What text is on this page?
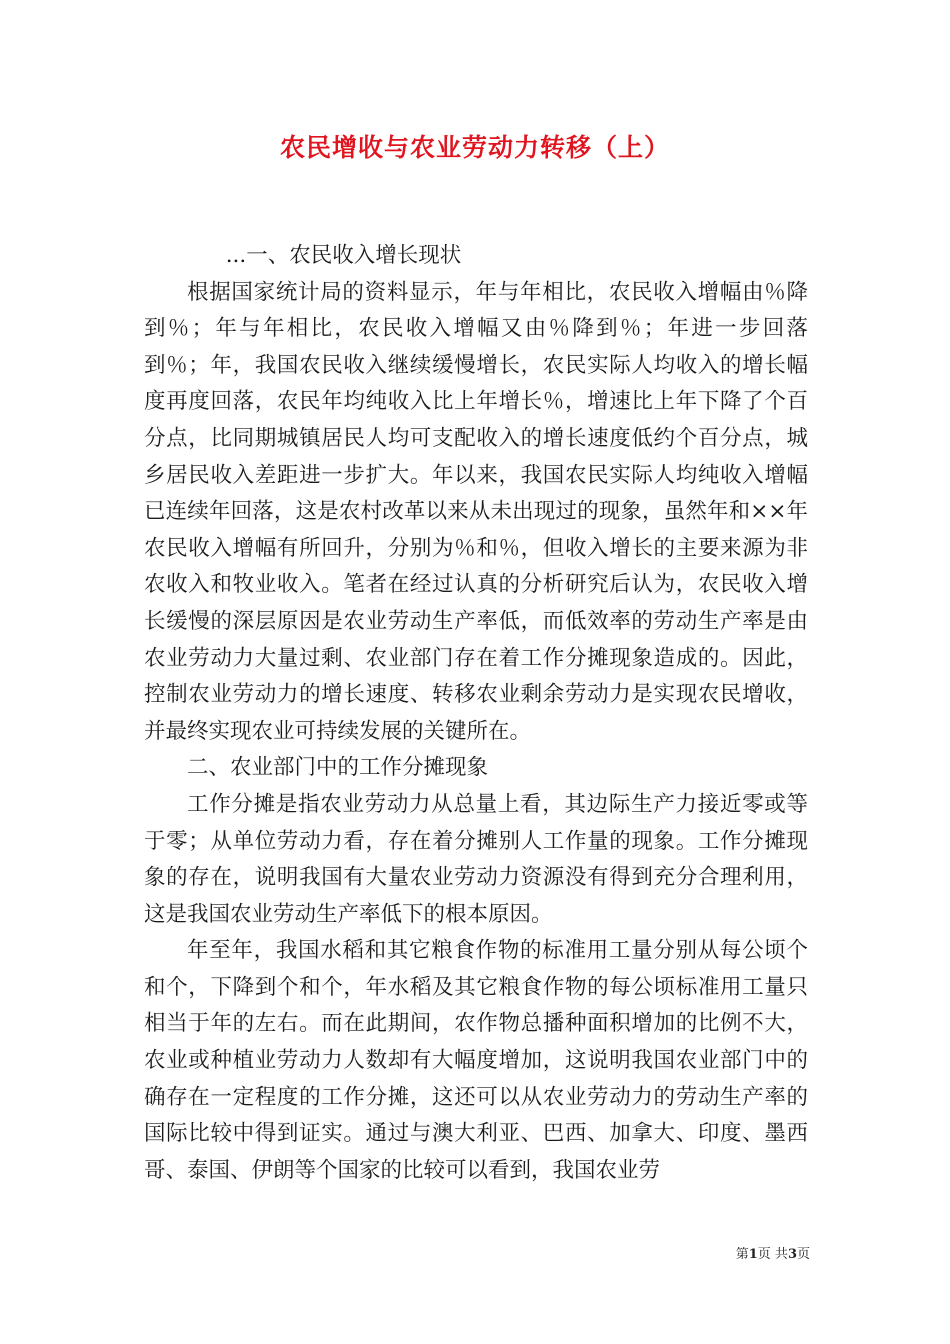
农民增收与农业劳动力转移（上）

...一、农民收入增长现状

根据国家统计局的资料显示，年与年相比，农民收入增幅由％降到％；年与年相比，农民收入增幅又由％降到％；年进一步回落到％；年，我国农民收入继续缓慢增长，农民实际人均收入的增长幅度再度回落，农民年均纯收入比上年增长％，增速比上年下降了个百分点，比同期城镇居民人均可支配收入的增长速度低约个百分点，城乡居民收入差距进一步扩大。年以来，我国农民实际人均纯收入增幅已连续年回落，这是农村改革以来从未出现过的现象，虽然年和××年农民收入增幅有所回升，分别为％和％，但收入增长的主要来源为非农收入和牧业收入。笔者在经过认真的分析研究后认为，农民收入增长缓慢的深层原因是农业劳动生产率低，而低效率的劳动生产率是由农业劳动力大量过剩、农业部门存在着工作分摊现象造成的。因此，控制农业劳动力的增长速度、转移农业剩余劳动力是实现农民增收，并最终实现农业可持续发展的关键所在。

二、农业部门中的工作分摊现象

工作分摊是指农业劳动力从总量上看，其边际生产力接近零或等于零；从单位劳动力看，存在着分摊别人工作量的现象。工作分摊现象的存在，说明我国有大量农业劳动力资源没有得到充分合理利用，这是我国农业劳动生产率低下的根本原因。

年至年，我国水稻和其它粮食作物的标准用工量分别从每公顷个和个，下降到个和个，年水稻及其它粮食作物的每公顷标准用工量只相当于年的左右。而在此期间，农作物总播种面积增加的比例不大，农业或种植业劳动力人数却有大幅度增加，这说明我国农业部门中的确存在一定程度的工作分摊，这还可以从农业劳动力的劳动生产率的国际比较中得到证实。通过与澳大利亚、巴西、加拿大、印度、墨西哥、泰国、伊朗等个国家的比较可以看到，我国农业劳

第1页 共3页
